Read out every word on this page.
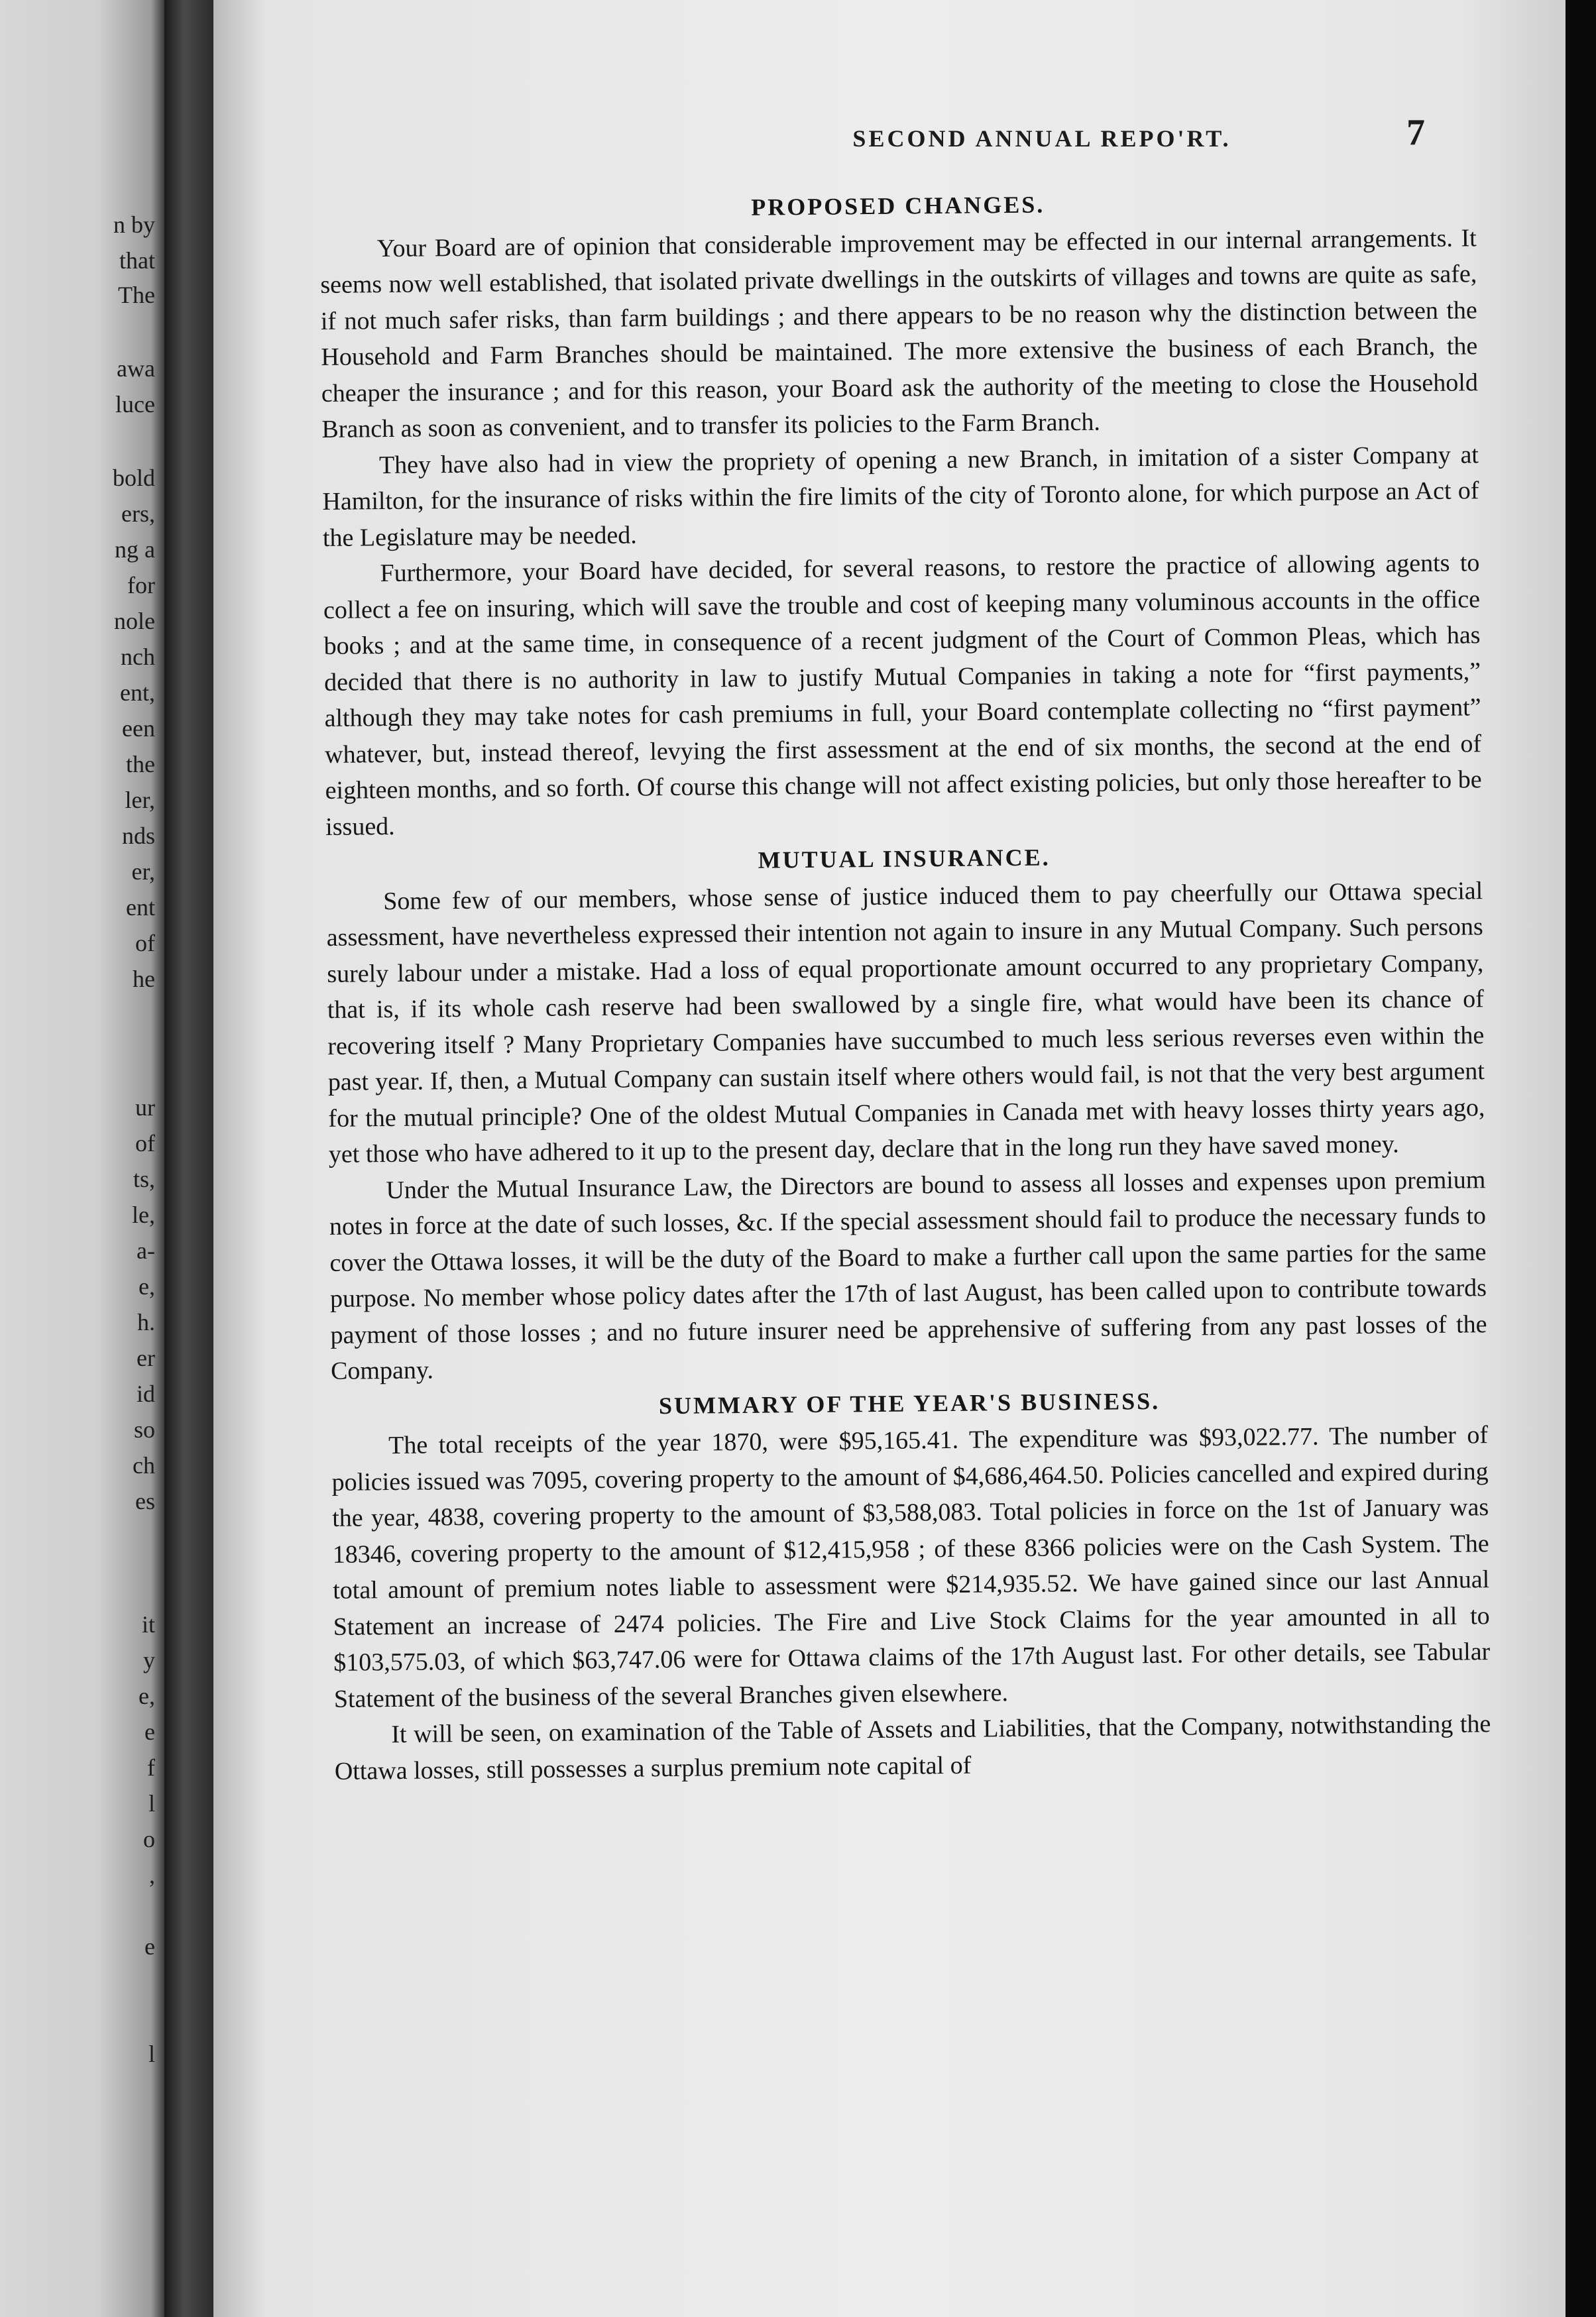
n by
that
The
awa
luce
bold
ers,
ng a
for
nole
nch
ent,
een
the
ler,
nds
er,
ent
of
he
ur
of
ts,
le,
a-
e,
h.
er
id
so
ch
es
it
y
e,
e
f
l
o
,
e
l
SECOND ANNUAL REPO'RT.	7
PROPOSED CHANGES.

Your Board are of opinion that considerable improvement may be effected in our internal arrangements. It seems now well established, that isolated private dwellings in the outskirts of villages and towns are quite as safe, if not much safer risks, than farm buildings ; and there appears to be no reason why the distinction between the Household and Farm Branches should be maintained. The more extensive the business of each Branch, the cheaper the insurance ; and for this reason, your Board ask the authority of the meeting to close the Household Branch as soon as convenient, and to transfer its policies to the Farm Branch.

They have also had in view the propriety of opening a new Branch, in imitation of a sister Company at Hamilton, for the insurance of risks within the fire limits of the city of Toronto alone, for which purpose an Act of the Legislature may be needed.

Furthermore, your Board have decided, for several reasons, to restore the practice of allowing agents to collect a fee on insuring, which will save the trouble and cost of keeping many voluminous accounts in the office books ; and at the same time, in consequence of a recent judgment of the Court of Common Pleas, which has decided that there is no authority in law to justify Mutual Companies in taking a note for “first payments,” although they may take notes for cash premiums in full, your Board contemplate collecting no “first payment” whatever, but, instead thereof, levying the first assessment at the end of six months, the second at the end of eighteen months, and so forth. Of course this change will not affect existing policies, but only those hereafter to be issued.

MUTUAL INSURANCE.

Some few of our members, whose sense of justice induced them to pay cheerfully our Ottawa special assessment, have nevertheless expressed their intention not again to insure in any Mutual Company. Such persons surely labour under a mistake. Had a loss of equal proportionate amount occurred to any proprietary Company, that is, if its whole cash reserve had been swallowed by a single fire, what would have been its chance of recovering itself ? Many Proprietary Companies have succumbed to much less serious reverses even within the past year. If, then, a Mutual Company can sustain itself where others would fail, is not that the very best argument for the mutual principle? One of the oldest Mutual Companies in Canada met with heavy losses thirty years ago, yet those who have adhered to it up to the present day, declare that in the long run they have saved money.

Under the Mutual Insurance Law, the Directors are bound to assess all losses and expenses upon premium notes in force at the date of such losses, &c. If the special assessment should fail to produce the necessary funds to cover the Ottawa losses, it will be the duty of the Board to make a further call upon the same parties for the same purpose. No member whose policy dates after the 17th of last August, has been called upon to contribute towards payment of those losses ; and no future insurer need be apprehensive of suffering from any past losses of the Company.

SUMMARY OF THE YEAR'S BUSINESS.

The total receipts of the year 1870, were $95,165.41. The expenditure was $93,022.77. The number of policies issued was 7095, covering property to the amount of $4,686,464.50. Policies cancelled and expired during the year, 4838, covering property to the amount of $3,588,083. Total policies in force on the 1st of January was 18346, covering property to the amount of $12,415,958 ; of these 8366 policies were on the Cash System. The total amount of premium notes liable to assessment were $214,935.52. We have gained since our last Annual Statement an increase of 2474 policies. The Fire and Live Stock Claims for the year amounted in all to $103,575.03, of which $63,747.06 were for Ottawa claims of the 17th August last. For other details, see Tabular Statement of the business of the several Branches given elsewhere.

It will be seen, on examination of the Table of Assets and Liabilities, that the Company, notwithstanding the Ottawa losses, still possesses a surplus premium note capital of
